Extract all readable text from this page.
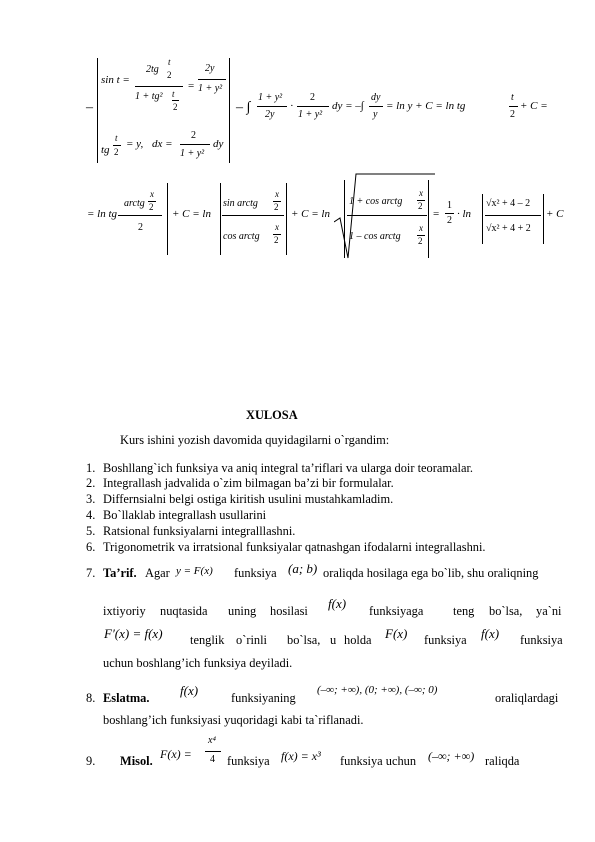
–
sin t =
2tg
t
2
1 + tg² t
2
=
2y
1 + y²
tg
t
2
= y, dx =
2
1 + y²
dy
– ∫
1 + y²
2y
·
2
1 + y²
dy = –∫
dy
y
= ln y + C = ln tg
t
2
+ C =
= ln tg
arctg
x
2
2
+ C = ln
sin arctg
x
2
cos arctg
x
2
+ C = ln
1 + cos arctg
x
2
1 – cos arctg
x
2
=
1
2
· ln
√x² + 4 – 2
√x² + 4 + 2
+ C
XULOSA
Kurs ishini yozish davomida quyidagilarni o`rgandim:
1. Boshllang`ich funksiya va aniq integral ta’riflari va ularga doir teoramalar.
2. Integrallash jadvalida o`zim bilmagan ba’zi bir formulalar.
3. Differnsialni belgi ostiga kiritish usulini mustahkamladim.
4. Bo`llaklab integrallash usullarini
5. Ratsional funksiyalarni integralllashni.
6. Trigonometrik va irratsional funksiyalar qatnashgan ifodalarni integrallashni.
7. Ta’rif. Agar y = F(x) funksiya (a; b) oraliqda hosilaga ega bo`lib, shu oraliqning
ixtiyoriy nuqtasida uning hosilasi f(x) funksiyaga teng bo`lsa, ya`ni
F′(x) = f(x) tenglik o`rinli bo`lsa, u holda F(x) funksiya f(x) funksiya
uchun boshlang’ich funksiya deyiladi.
8. Eslatma. f(x)	funksiyaning
(–∞; +∞), (0; +∞), (–∞; 0)
oraliqlardagi
boshlang’ich funksiyasi yuqoridagi kabi ta`riflanadi.
9. Misol. F(x) =
x⁴
4 funksiya f(x) = x³ funksiya uchun (–∞; +∞) raliqda
